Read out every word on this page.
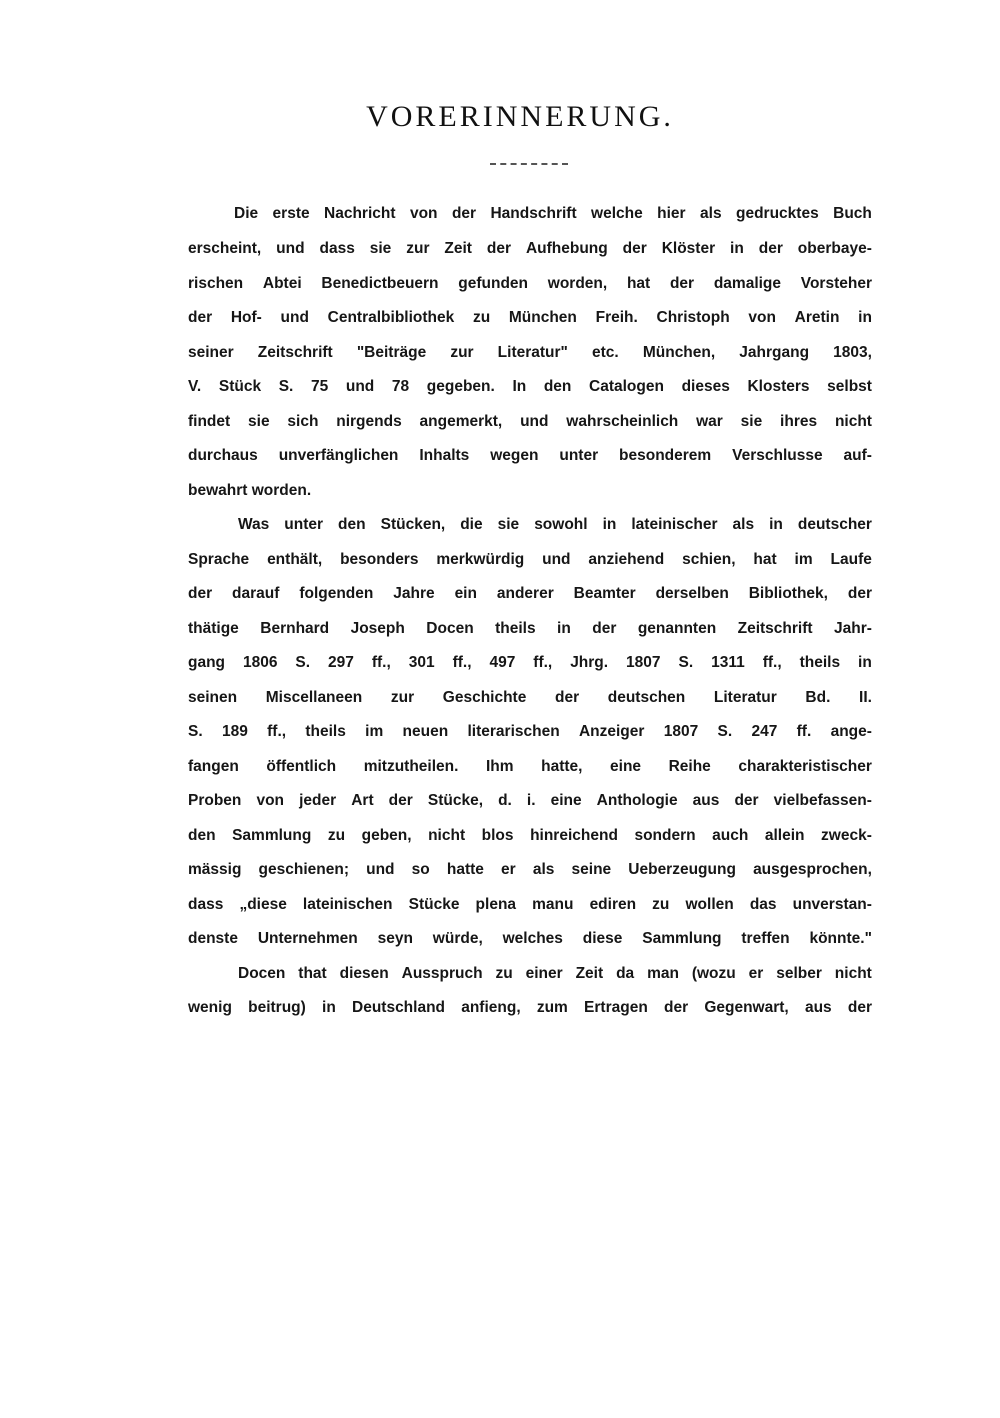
VORERINNERUNG.
Die erste Nachricht von der Handschrift welche hier als gedrucktes Buch
erscheint, und dass sie zur Zeit der Aufhebung der Klöster in der oberbaye-
rischen Abtei Benedictbeuern gefunden worden, hat der damalige Vorsteher
der Hof- und Centralbibliothek zu München Freih. Christoph von Aretin in
seiner Zeitschrift "Beiträge zur Literatur" etc. München, Jahrgang 1803,
V. Stück S. 75 und 78 gegeben. In den Catalogen dieses Klosters selbst
findet sie sich nirgends angemerkt, und wahrscheinlich war sie ihres nicht
durchaus unverfänglichen Inhalts wegen unter besonderem Verschlusse auf-
bewahrt worden.
Was unter den Stücken, die sie sowohl in lateinischer als in deutscher
Sprache enthält, besonders merkwürdig und anziehend schien, hat im Laufe
der darauf folgenden Jahre ein anderer Beamter derselben Bibliothek, der
thätige Bernhard Joseph Docen theils in der genannten Zeitschrift Jahr-
gang 1806 S. 297 ff., 301 ff., 497 ff., Jhrg. 1807 S. 1311 ff., theils in
seinen Miscellaneen zur Geschichte der deutschen Literatur Bd. II.
S. 189 ff., theils im neuen literarischen Anzeiger 1807 S. 247 ff. ange-
fangen öffentlich mitzutheilen. Ihm hatte, eine Reihe charakteristischer
Proben von jeder Art der Stücke, d. i. eine Anthologie aus der vielbefassen-
den Sammlung zu geben, nicht blos hinreichend sondern auch allein zweck-
mässig geschienen; und so hatte er als seine Ueberzeugung ausgesprochen,
dass „diese lateinischen Stücke plena manu ediren zu wollen das unverstan-
denste Unternehmen seyn würde, welches diese Sammlung treffen könnte."
Docen that diesen Ausspruch zu einer Zeit da man (wozu er selber nicht
wenig beitrug) in Deutschland anfieng, zum Ertragen der Gegenwart, aus der
